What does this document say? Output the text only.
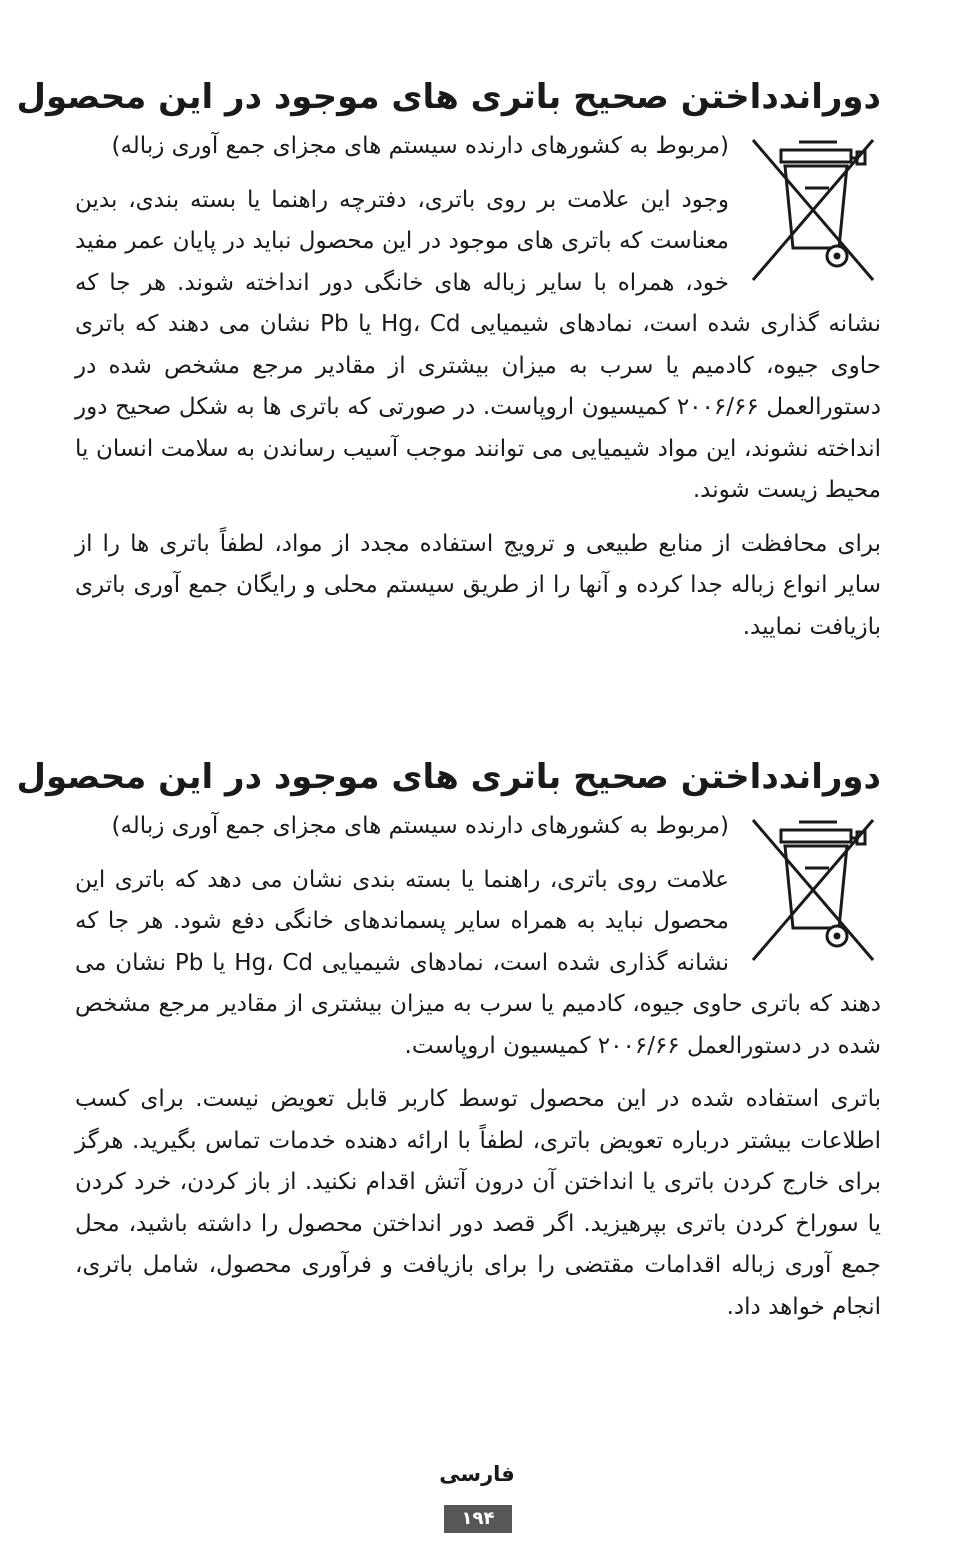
دوراندداختن صحیح باتری های موجود در این محصول

(مربوط به کشورهای دارنده سیستم های مجزای جمع آوری زباله)

وجود این علامت بر روی باتری، دفترچه راهنما یا بسته بندی، بدین معناست که باتری های موجود در این محصول نباید در پایان عمر مفید خود، همراه با سایر زباله های خانگی دور انداخته شوند. هر جا که نشانه گذاری شده است، نمادهای شیمیایی Hg، Cd یا Pb نشان می دهند که باتری حاوی جیوه، کادمیم یا سرب به میزان بیشتری از مقادیر مرجع مشخص شده در دستورالعمل ۲۰۰۶/۶۶ کمیسیون اروپاست. در صورتی که باتری ها به شکل صحیح دور انداخته نشوند، این مواد شیمیایی می توانند موجب آسیب رساندن به سلامت انسان یا محیط زیست شوند.

برای محافظت از منابع طبیعی و ترویج استفاده مجدد از مواد، لطفاً باتری ها را از سایر انواع زباله جدا کرده و آنها را از طریق سیستم محلی و رایگان جمع آوری باتری بازیافت نمایید.

دوراندداختن صحیح باتری های موجود در این محصول

(مربوط به کشورهای دارنده سیستم های مجزای جمع آوری زباله)

علامت روی باتری، راهنما یا بسته بندی نشان می دهد که باتری این محصول نباید به همراه سایر پسماندهای خانگی دفع شود. هر جا که نشانه گذاری شده است، نمادهای شیمیایی Hg، Cd یا Pb نشان می دهند که باتری حاوی جیوه، کادمیم یا سرب به میزان بیشتری از مقادیر مرجع مشخص شده در دستورالعمل ۲۰۰۶/۶۶ کمیسیون اروپاست.

باتری استفاده شده در این محصول توسط کاربر قابل تعویض نیست. برای کسب اطلاعات بیشتر درباره تعویض باتری، لطفاً با ارائه دهنده خدمات تماس بگیرید. هرگز برای خارج کردن باتری یا انداختن آن درون آتش اقدام نکنید. از باز کردن، خرد کردن یا سوراخ کردن باتری بپرهیزید. اگر قصد دور انداختن محصول را داشته باشید، محل جمع آوری زباله اقدامات مقتضی را برای بازیافت و فرآوری محصول، شامل باتری، انجام خواهد داد.

فارسی
۱۹۴
